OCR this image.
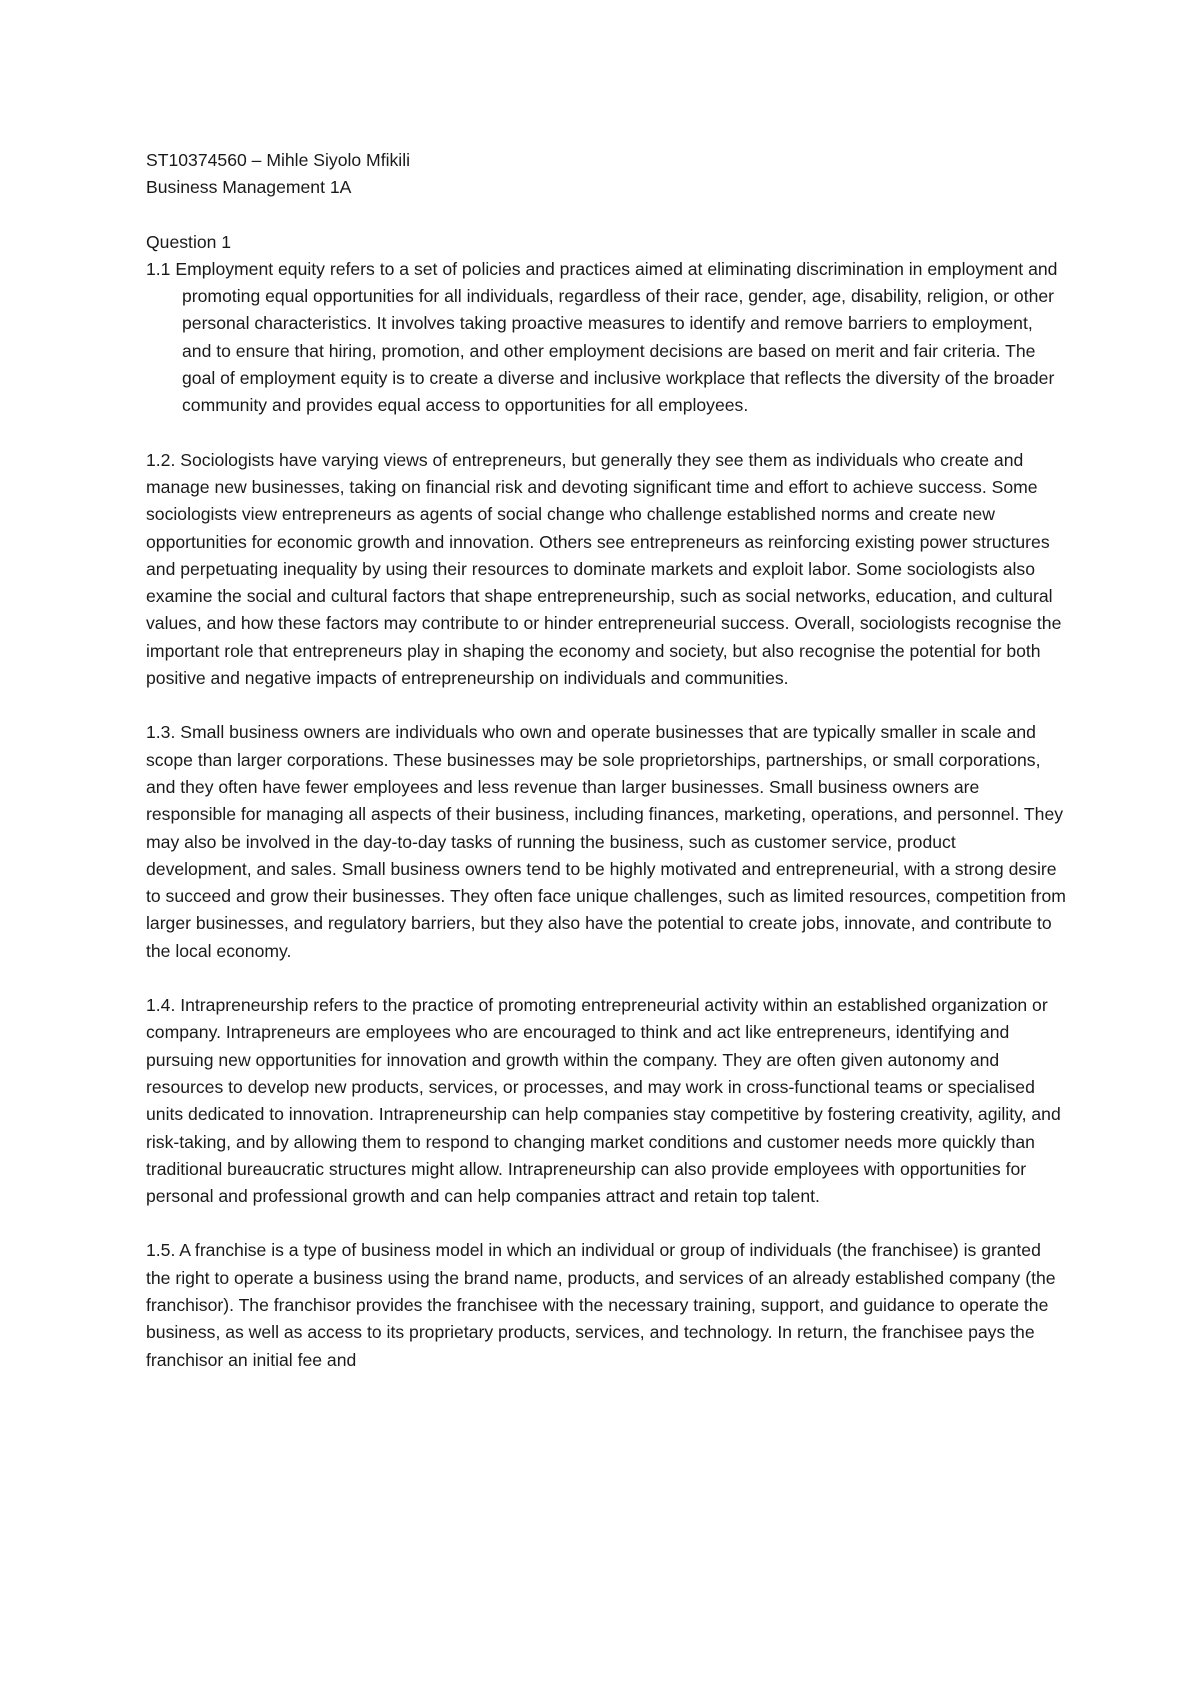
ST10374560 – Mihle Siyolo Mfikili

Business Management 1A

Question 1

1.1 Employment equity refers to a set of policies and practices aimed at eliminating discrimination in employment and promoting equal opportunities for all individuals, regardless of their race, gender, age, disability, religion, or other personal characteristics. It involves taking proactive measures to identify and remove barriers to employment, and to ensure that hiring, promotion, and other employment decisions are based on merit and fair criteria. The goal of employment equity is to create a diverse and inclusive workplace that reflects the diversity of the broader community and provides equal access to opportunities for all employees.

1.2. Sociologists have varying views of entrepreneurs, but generally they see them as individuals who create and manage new businesses, taking on financial risk and devoting significant time and effort to achieve success. Some sociologists view entrepreneurs as agents of social change who challenge established norms and create new opportunities for economic growth and innovation. Others see entrepreneurs as reinforcing existing power structures and perpetuating inequality by using their resources to dominate markets and exploit labor. Some sociologists also examine the social and cultural factors that shape entrepreneurship, such as social networks, education, and cultural values, and how these factors may contribute to or hinder entrepreneurial success. Overall, sociologists recognise the important role that entrepreneurs play in shaping the economy and society, but also recognise the potential for both positive and negative impacts of entrepreneurship on individuals and communities.

1.3. Small business owners are individuals who own and operate businesses that are typically smaller in scale and scope than larger corporations. These businesses may be sole proprietorships, partnerships, or small corporations, and they often have fewer employees and less revenue than larger businesses. Small business owners are responsible for managing all aspects of their business, including finances, marketing, operations, and personnel. They may also be involved in the day-to-day tasks of running the business, such as customer service, product development, and sales. Small business owners tend to be highly motivated and entrepreneurial, with a strong desire to succeed and grow their businesses. They often face unique challenges, such as limited resources, competition from larger businesses, and regulatory barriers, but they also have the potential to create jobs, innovate, and contribute to the local economy.

1.4. Intrapreneurship refers to the practice of promoting entrepreneurial activity within an established organization or company. Intrapreneurs are employees who are encouraged to think and act like entrepreneurs, identifying and pursuing new opportunities for innovation and growth within the company. They are often given autonomy and resources to develop new products, services, or processes, and may work in cross-functional teams or specialised units dedicated to innovation. Intrapreneurship can help companies stay competitive by fostering creativity, agility, and risk-taking, and by allowing them to respond to changing market conditions and customer needs more quickly than traditional bureaucratic structures might allow. Intrapreneurship can also provide employees with opportunities for personal and professional growth and can help companies attract and retain top talent.

1.5. A franchise is a type of business model in which an individual or group of individuals (the franchisee) is granted the right to operate a business using the brand name, products, and services of an already established company (the franchisor). The franchisor provides the franchisee with the necessary training, support, and guidance to operate the business, as well as access to its proprietary products, services, and technology. In return, the franchisee pays the franchisor an initial fee and
